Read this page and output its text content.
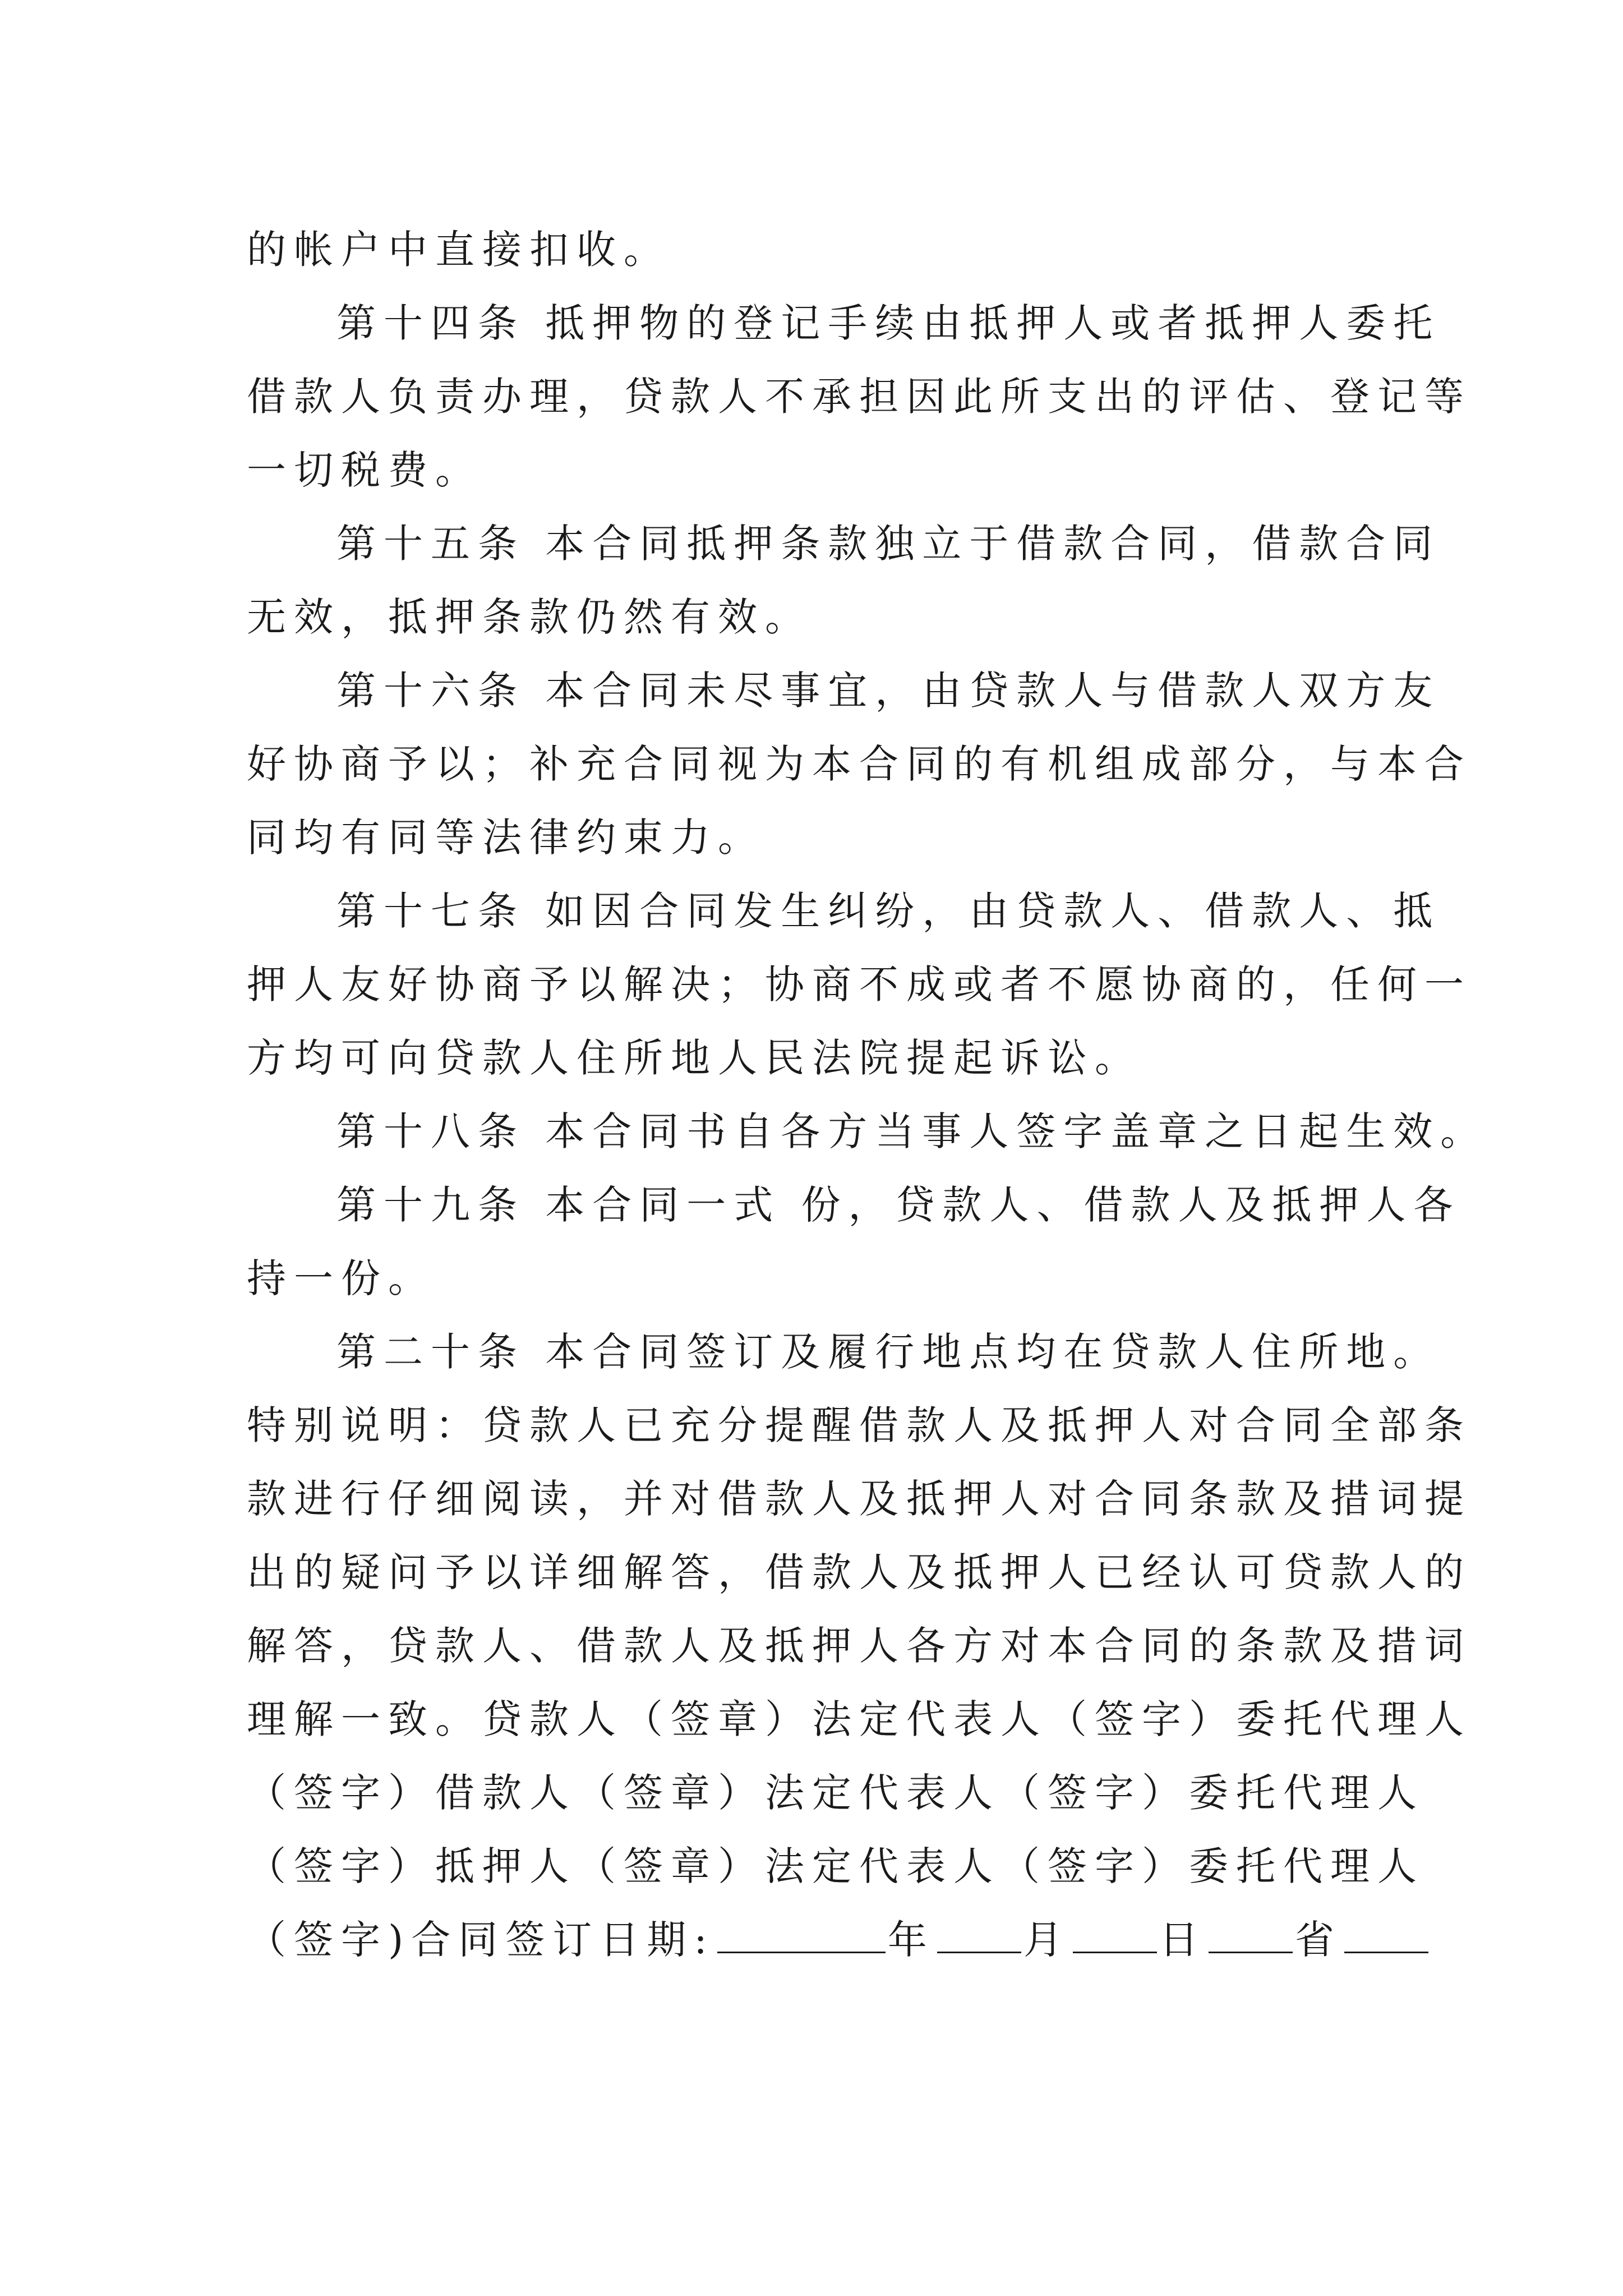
的帐户中直接扣收。
第十四条 抵押物的登记手续由抵押人或者抵押人委托
借款人负责办理，贷款人不承担因此所支出的评估、登记等
一切税费。
第十五条 本合同抵押条款独立于借款合同，借款合同
无效，抵押条款仍然有效。
第十六条 本合同未尽事宜，由贷款人与借款人双方友
好协商予以；补充合同视为本合同的有机组成部分，与本合
同均有同等法律约束力。
第十七条 如因合同发生纠纷，由贷款人、借款人、抵
押人友好协商予以解决；协商不成或者不愿协商的，任何一
方均可向贷款人住所地人民法院提起诉讼。
第十八条 本合同书自各方当事人签字盖章之日起生效。
第十九条 本合同一式 份，贷款人、借款人及抵押人各
持一份。
第二十条 本合同签订及履行地点均在贷款人住所地。
特别说明：贷款人已充分提醒借款人及抵押人对合同全部条
款进行仔细阅读，并对借款人及抵押人对合同条款及措词提
出的疑问予以详细解答，借款人及抵押人已经认可贷款人的
解答，贷款人、借款人及抵押人各方对本合同的条款及措词
理解一致。贷款人（签章）法定代表人（签字）委托代理人
（签字）借款人（签章）法定代表人（签字）委托代理人
（签字）抵押人（签章）法定代表人（签字）委托代理人
（签字)合同签订日期:	年 月 日 省
